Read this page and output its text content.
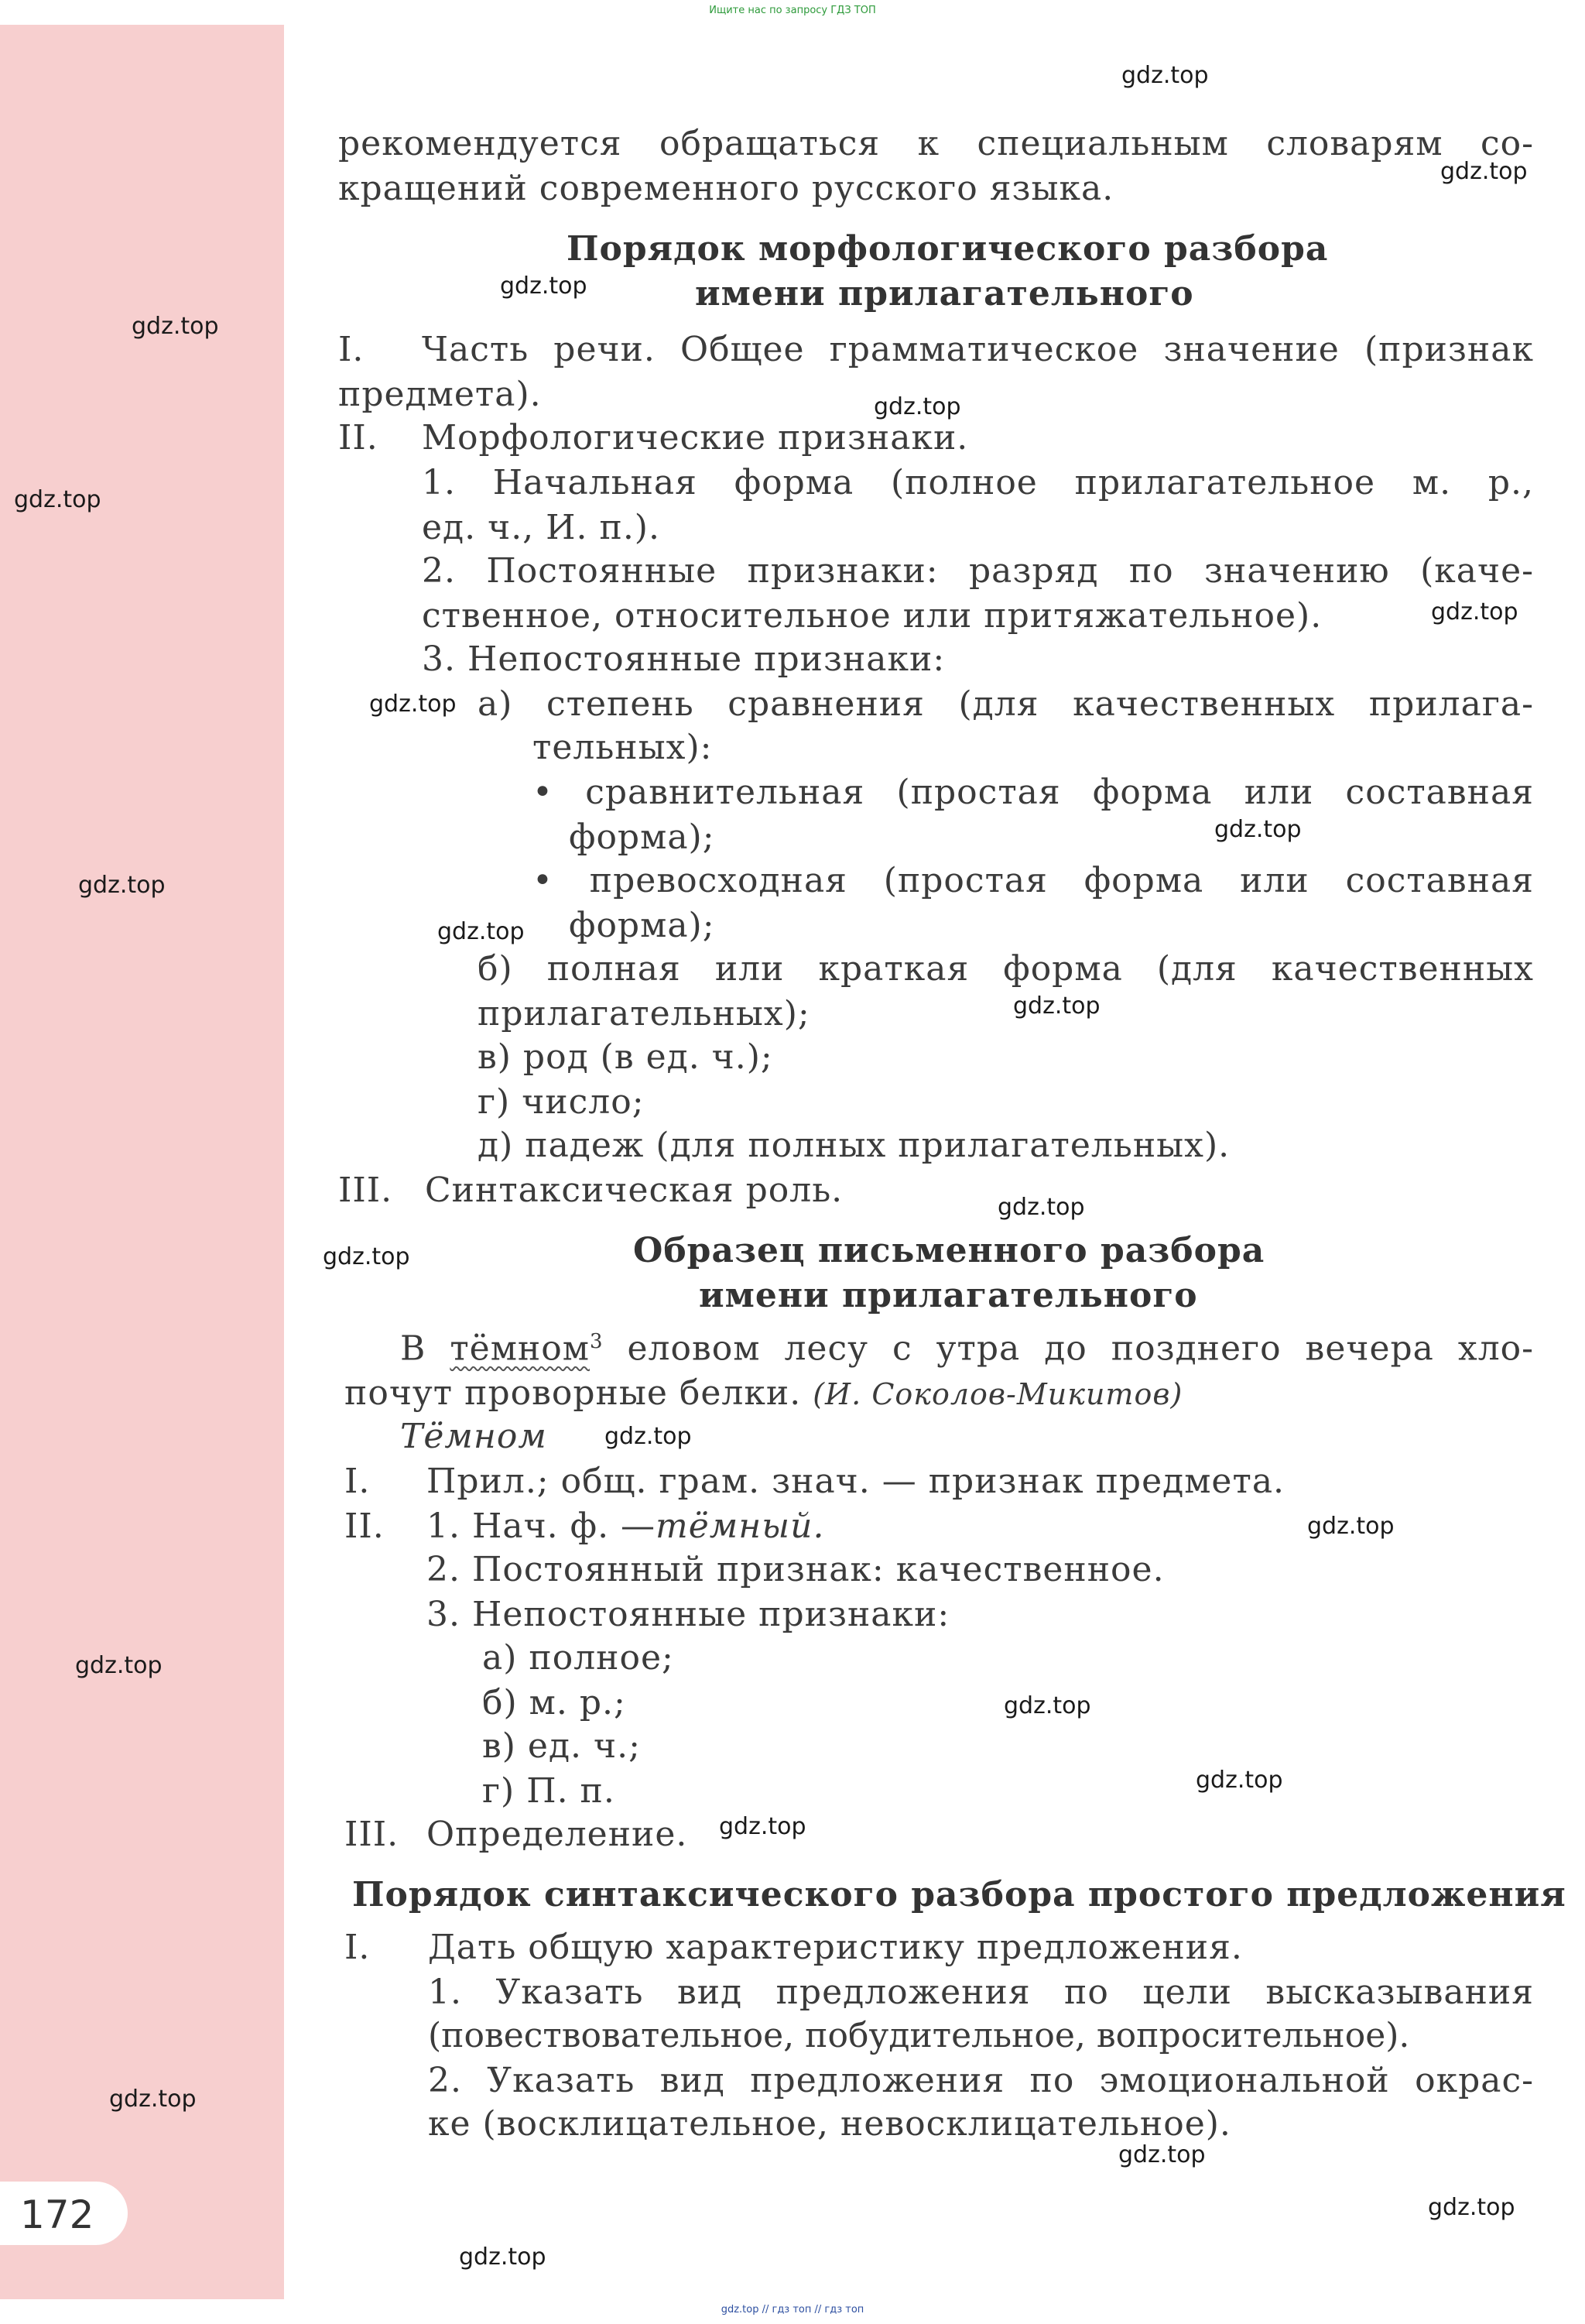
172
Ищите нас по запросу ГДЗ ТОП
gdz.top // гдз топ // гдз топ
gdz.top
gdz.top
gdz.top
gdz.top
gdz.top
gdz.top
gdz.top
gdz.top
gdz.top
gdz.top
gdz.top
gdz.top
gdz.top
gdz.top
gdz.top
gdz.top
gdz.top
gdz.top
gdz.top
gdz.top
gdz.top
gdz.top
gdz.top
gdz.top
рекомендуется обращаться к специальным словарям со-
кращений современного русского языка.
Порядок морфологического разбора
имени прилагательного
I. Часть речи. Общее грамматическое значение (признак
предмета).
II. Морфологические признаки.
1. Начальная форма (полное прилагательное м. р.,
ед. ч., И. п.).
2. Постоянные признаки: разряд по значению (каче-
ственное, относительное или притяжательное).
3. Непостоянные признаки:
а) степень сравнения (для качественных прилага-
тельных):
• сравнительная (простая форма или составная
форма);
• превосходная (простая форма или составная
форма);
б) полная или краткая форма (для качественных
прилагательных);
в) род (в ед. ч.);
г) число;
д) падеж (для полных прилагательных).
III. Синтаксическая роль.
Образец письменного разбора
имени прилагательного
В тёмном$^3$ еловом лесу с утра до позднего вечера хло-
почут проворные белки. (И. Соколов-Микитов)
Тёмном
I. Прил.; общ. грам. знач. — признак предмета.
II. 1. Нач. ф. —тёмный.
2. Постоянный признак: качественное.
3. Непостоянные признаки:
а) полное;
б) м. р.;
в) ед. ч.;
г) П. п.
III. Определение.
Порядок синтаксического разбора простого предложения
I. Дать общую характеристику предложения.
1. Указать вид предложения по цели высказывания
(повествовательное, побудительное, вопросительное).
2. Указать вид предложения по эмоциональной окрас-
ке (восклицательное, невосклицательное).
